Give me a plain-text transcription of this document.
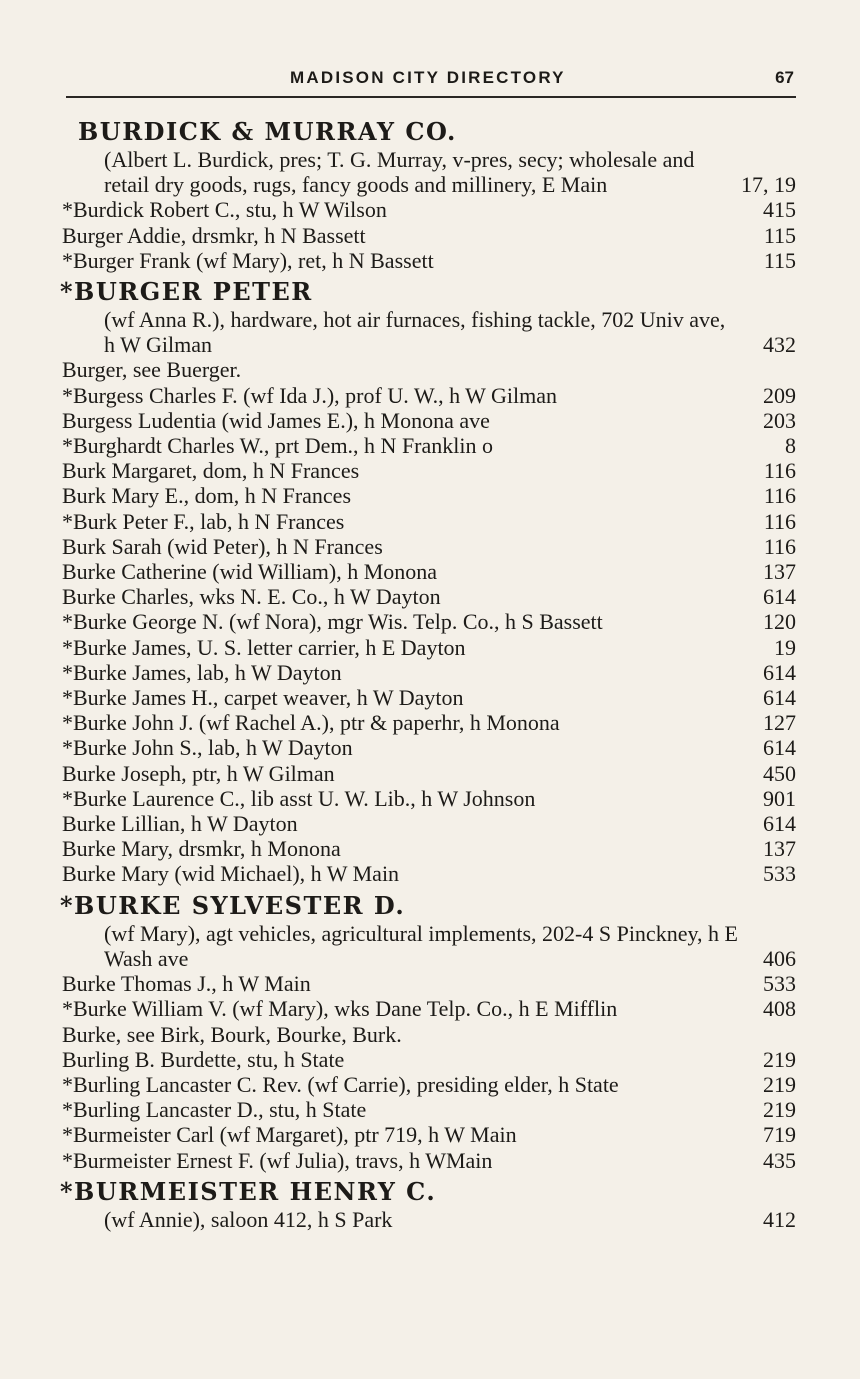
MADISON CITY DIRECTORY	67
BURDICK & MURRAY CO.
(Albert L. Burdick, pres; T. G. Murray, v-pres, secy; wholesale and retail dry goods, rugs, fancy goods and millinery, E Main	17, 19
*Burdick Robert C., stu, h W Wilson	415
Burger Addie, drsmkr, h N Bassett	115
*Burger Frank (wf Mary), ret, h N Bassett	115
*BURGER PETER
(wf Anna R.), hardware, hot air furnaces, fishing tackle, 702 Univ ave, h W Gilman	432
Burger, see Buerger.
*Burgess Charles F. (wf Ida J.), prof U. W., h W Gilman	209
Burgess Ludentia (wid James E.), h Monona ave	203
*Burghardt Charles W., prt Dem., h N Franklin o	8
Burk Margaret, dom, h N Frances	116
Burk Mary E., dom, h N Frances	116
*Burk Peter F., lab, h N Frances	116
Burk Sarah (wid Peter), h N Frances	116
Burke Catherine (wid William), h Monona	137
Burke Charles, wks N. E. Co., h W Dayton	614
*Burke George N. (wf Nora), mgr Wis. Telp. Co., h S Bassett	120
*Burke James, U. S. letter carrier, h E Dayton	19
*Burke James, lab, h W Dayton	614
*Burke James H., carpet weaver, h W Dayton	614
*Burke John J. (wf Rachel A.), ptr & paperhr, h Monona	127
*Burke John S., lab, h W Dayton	614
Burke Joseph, ptr, h W Gilman	450
*Burke Laurence C., lib asst U. W. Lib., h W Johnson	901
Burke Lillian, h W Dayton	614
Burke Mary, drsmkr, h Monona	137
Burke Mary (wid Michael), h W Main	533
*BURKE SYLVESTER D.
(wf Mary), agt vehicles, agricultural implements, 202-4 S Pinckney, h E Wash ave	406
Burke Thomas J., h W Main	533
*Burke William V. (wf Mary), wks Dane Telp. Co., h E Mifflin	408
Burke, see Birk, Bourk, Bourke, Burk.
Burling B. Burdette, stu, h State	219
*Burling Lancaster C. Rev. (wf Carrie), presiding elder, h State	219
*Burling Lancaster D., stu, h State	219
*Burmeister Carl (wf Margaret), ptr 719, h W Main	719
*Burmeister Ernest F. (wf Julia), travs, h WMain	435
*BURMEISTER HENRY C.
(wf Annie), saloon 412, h S Park	412
